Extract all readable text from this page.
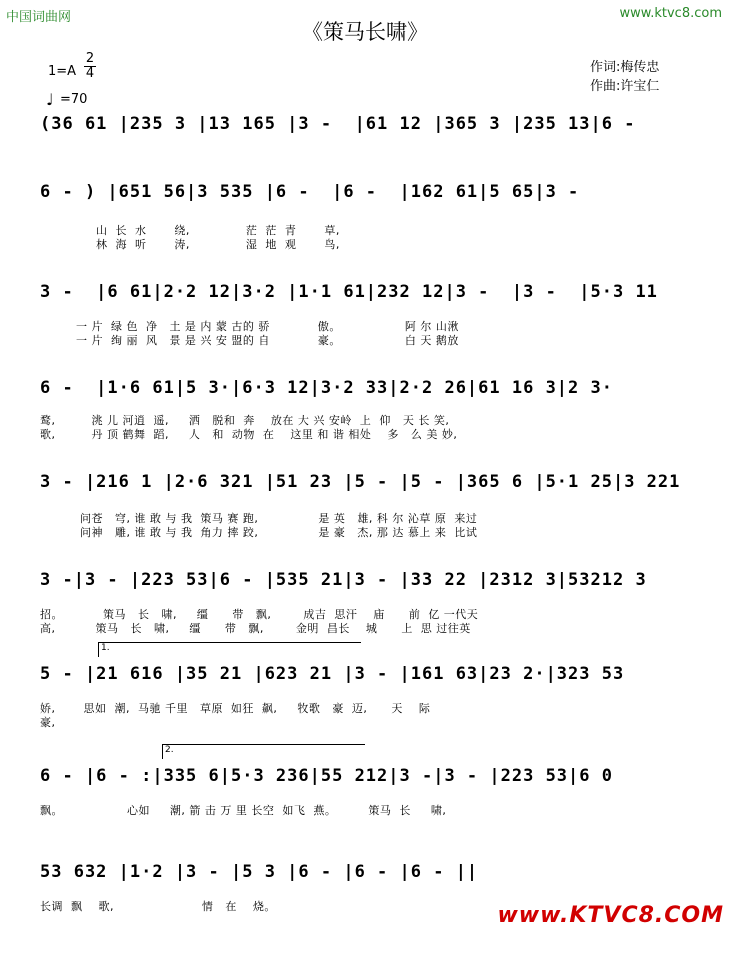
中国词曲网	www.ktvc8.com
《策马长啸》
1=A
2
4
♩ =70
作词:梅传忠
作曲:许宝仁
(36 61 |235 3 |13 165 |3 -  |61 12 |365 3 |235 13|6 -
6 - ) |651 56|3 535 |6 -  |6 -  |162 61|5 65|3 -
山  长  水       绕,              茫  茫  青       草,
林  海  听       涛,              湿  地  观       鸟,
3 -  |6 61|2·2 12|3·2 |1·1 61|232 12|3 -  |3 -  |5·3 11
一 片  绿 色  净   土 是 内 蒙 古的 骄            傲。                阿 尔 山湫
一 片  绚 丽  风   景 是 兴 安 盟的 自            豪。                白 天 鹅放
6 -  |1·6 61|5 3·|6·3 12|3·2 33|2·2 26|61 16 3|2 3·
鹜,         洮 儿 河逍  遥,     洒   脱和  奔    放在 大 兴 安岭  上  仰   天 长 笑,
歌,         丹 顶 鹤舞  蹈,     人   和  动物  在    这里 和 谐 相处    多   么 美 妙,
3 - |216 1 |2·6 321 |51 23 |5 - |5 - |365 6 |5·1 25|3 221
问苍   穹, 谁 敢 与 我  策马 赛 跑,               是 英   雄, 科 尔 沁草 原  来过
问神   雕, 谁 敢 与 我  角力 摔 跤,               是 豪   杰, 那 达 慕上 来  比试
3 -|3 - |223 53|6 - |535 21|3 - |33 22 |2312 3|53212 3
招。          策马   长   啸,     缰      带   飘,        成吉  思汗    庙      前  亿 一代天
高,          策马   长   啸,     缰      带   飘,        金明  昌长    城      上  思 过往英
1.
5 - |21 616 |35 21 |623 21 |3 - |161 63|23 2·|323 53
娇,       思如  潮,  马驰 千里   草原  如狂  飙,     牧歌   豪  迈,      天    际
豪,
2.
6 - |6 - :|335 6|5·3 236|55 212|3 -|3 - |223 53|6 0
飘。                心如     潮, 箭 击 万 里 长空  如飞  燕。        策马  长     啸,
53 632 |1·2 |3 - |5 3 |6 - |6 - |6 - ||
长调  飘    歌,                      情   在    烧。	www.KTVC8.COM
